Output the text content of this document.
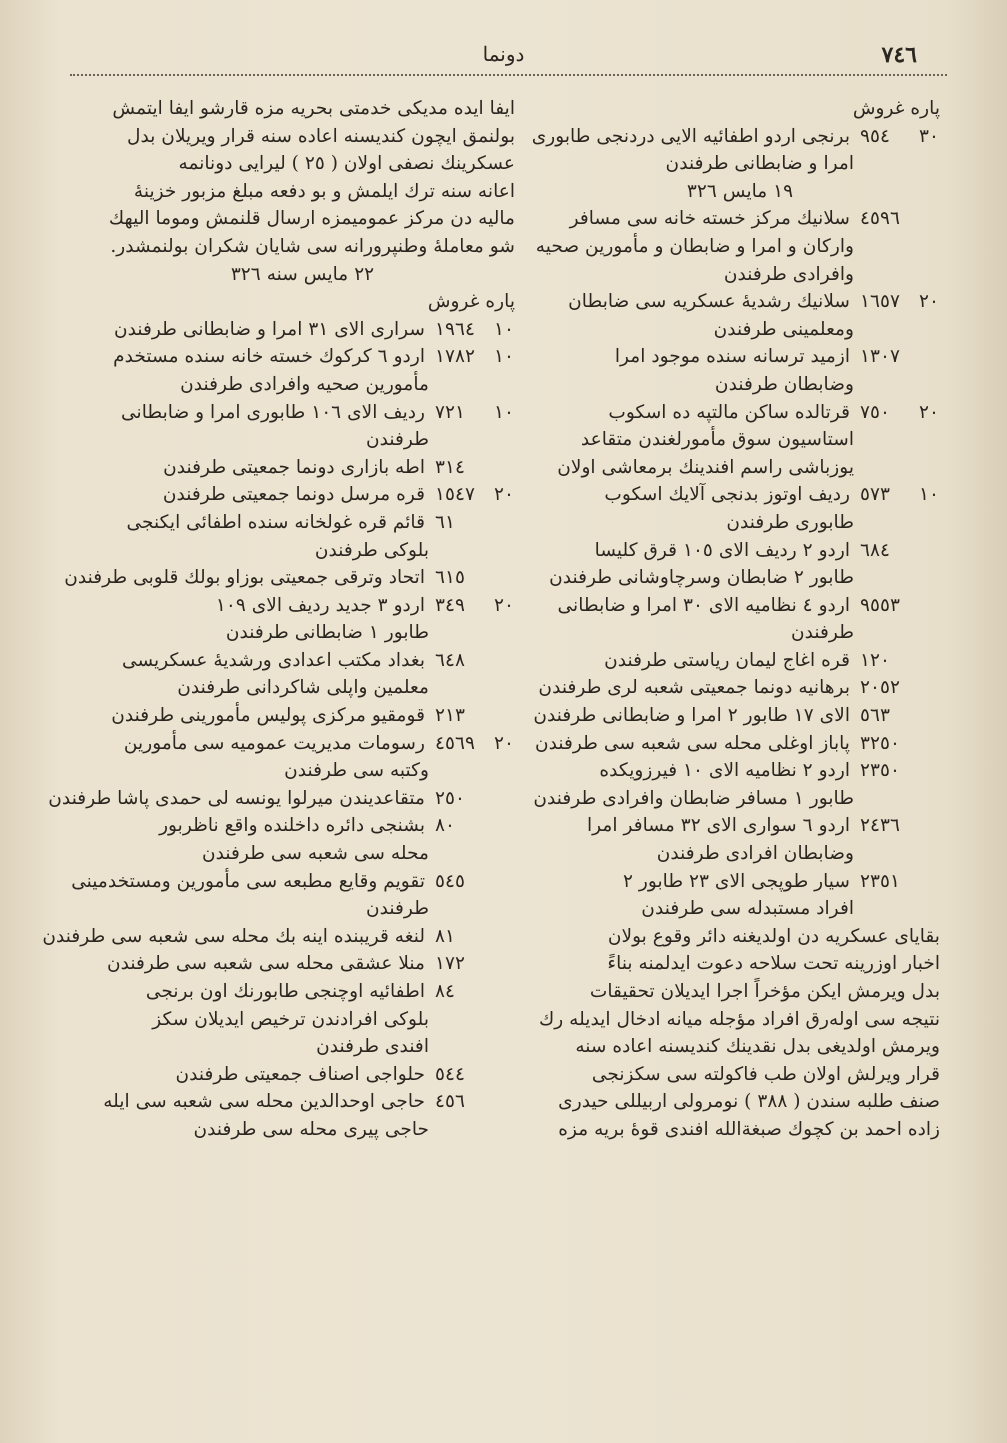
٧٤٦
دونما
پاره غروش
٣٠
٩٥٤
برنجی اردو اطفائیه الایی دردنجی طابوری
امرا و ضابطانی طرفندن
١٩ مایس ٣٢٦
٤٥٩٦
سلانیك مرکز خسته خانه سی مسافر
وارکان و امرا و ضابطان و مأمورین صحیه
وافرادی طرفندن
٢٠
١٦٥٧
سلانیك رشدیهٔ عسکریه سی ضابطان
ومعلمینی طرفندن
١٣٠٧
ازمید ترسانه سنده موجود امرا
وضابطان طرفندن
٢٠
٧٥٠
قرتالده ساکن مالتپه ده اسکوب
استاسیون سوق مأمورلغندن متقاعد
یوزباشی راسم افندینك برمعاشی اولان
١٠
٥٧٣
ردیف اوتوز بدنجی آلایك اسکوب
طابوری طرفندن
٦٨٤
اردو ٢ ردیف الای ١٠٥ قرق کلیسا
طابور ٢ ضابطان وسرچاوشانی طرفندن
٩٥٥٣
اردو ٤ نظامیه الای ٣٠ امرا و ضابطانی
طرفندن
١٢٠
قره اغاج لیمان ریاستی طرفندن
٢٠٥٢
برهانیه دونما جمعیتی شعبه لری طرفندن
٥٦٣
الای ١٧ طابور ٢ امرا و ضابطانی طرفندن
٣٢٥٠
پاباز اوغلی محله سی شعبه سی طرفندن
٢٣٥٠
اردو ٢ نظامیه الای ١٠ فیرزویکده
طابور ١ مسافر ضابطان وافرادی طرفندن
٢٤٣٦
اردو ٦ سواری الای ٣٢ مسافر امرا
وضابطان افرادی طرفندن
٢٣٥١
سیار طوپجی الای ٢٣ طابور ٢
افراد مستبدله سی طرفندن
بقایای عسکریه دن اولدیغنه دائر وقوع بولان
اخبار اوزرینه تحت سلاحه دعوت ایدلمنه بناءً
بدل ویرمش ایکن مؤخراً اجرا ایدیلان تحقیقات
نتیجه سی اولەرق افراد مؤجله میانه ادخال ایدیله رك
ویرمش اولدیغی بدل نقدینك کندیسنه اعاده سنه
قرار ویرلش اولان طب فاکولته سی سکزنجی
صنف طلبه سندن ( ٣٨٨ ) نومرولی اربیللی حیدری
زاده احمد بن کچوك صبغةالله افندی قوهٔ بریه مزه
ایفا ایده مدیکی خدمتی بحریه مزه قارشو ایفا ایتمش
بولنمق ایچون کندیسنه اعاده سنه قرار ویریلان بدل
عسکرینك نصفی اولان ( ٢٥ ) لیرایی دونانمه
اعانه سنه ترك ایلمش و بو دفعه مبلغ مزبور خزینهٔ
مالیه دن مرکز عمومیمزه ارسال قلنمش وموما الیهك
شو معاملهٔ وطنپرورانه سی شایان شکران بولنمشدر.
٢٢ مایس سنه ٣٢٦
پاره غروش
١٠
١٩٦٤
سراری الای ٣١ امرا و ضابطانی طرفندن
١٠
١٧٨٢
اردو ٦ کرکوك خسته خانه سنده مستخدم
مأمورین صحیه وافرادی طرفندن
١٠
٧٢١
ردیف الای ١٠٦ طابوری امرا و ضابطانی
طرفندن
٣١٤
اطه بازاری دونما جمعیتی طرفندن
٢٠
١٥٤٧
قره مرسل دونما جمعیتی طرفندن
٦١
قائم قره غولخانه سنده اطفائی ایکنجی
بلوکی طرفندن
٦١٥
اتحاد وترقی جمعیتی بوزاو بولك قلوبی طرفندن
٢٠
٣٤٩
اردو ٣ جدید ردیف الای ١٠٩
طابور ١ ضابطانی طرفندن
٦٤٨
بغداد مکتب اعدادی ورشدیهٔ عسکریسی
معلمین واپلی شاکردانی طرفندن
٢١٣
قومقیو مرکزی پولیس مأمورینی طرفندن
٢٠
٤٥٦٩
رسومات مدیریت عمومیه سی مأمورین
وکتبه سی طرفندن
٢٥٠
متقاعدیندن میرلوا یونسه لی حمدی پاشا طرفندن
٨٠
بشنجی دائره داخلنده واقع ناظربور
محله سی شعبه سی طرفندن
٥٤٥
تقویم وقایع مطبعه سی مأمورین ومستخدمینی
طرفندن
٨١
لنغه قریبنده اینه بك محله سی شعبه سی طرفندن
١٧٢
منلا عشقی محله سی شعبه سی طرفندن
٨٤
اطفائیه اوچنجی طابورنك اون برنجی
بلوکی افرادندن ترخیص ایدیلان سکز
افندی طرفندن
٥٤٤
حلواجی اصناف جمعیتی طرفندن
٤٥٦
حاجی اوحدالدین محله سی شعبه سی ایله
حاجی پیری محله سی طرفندن
